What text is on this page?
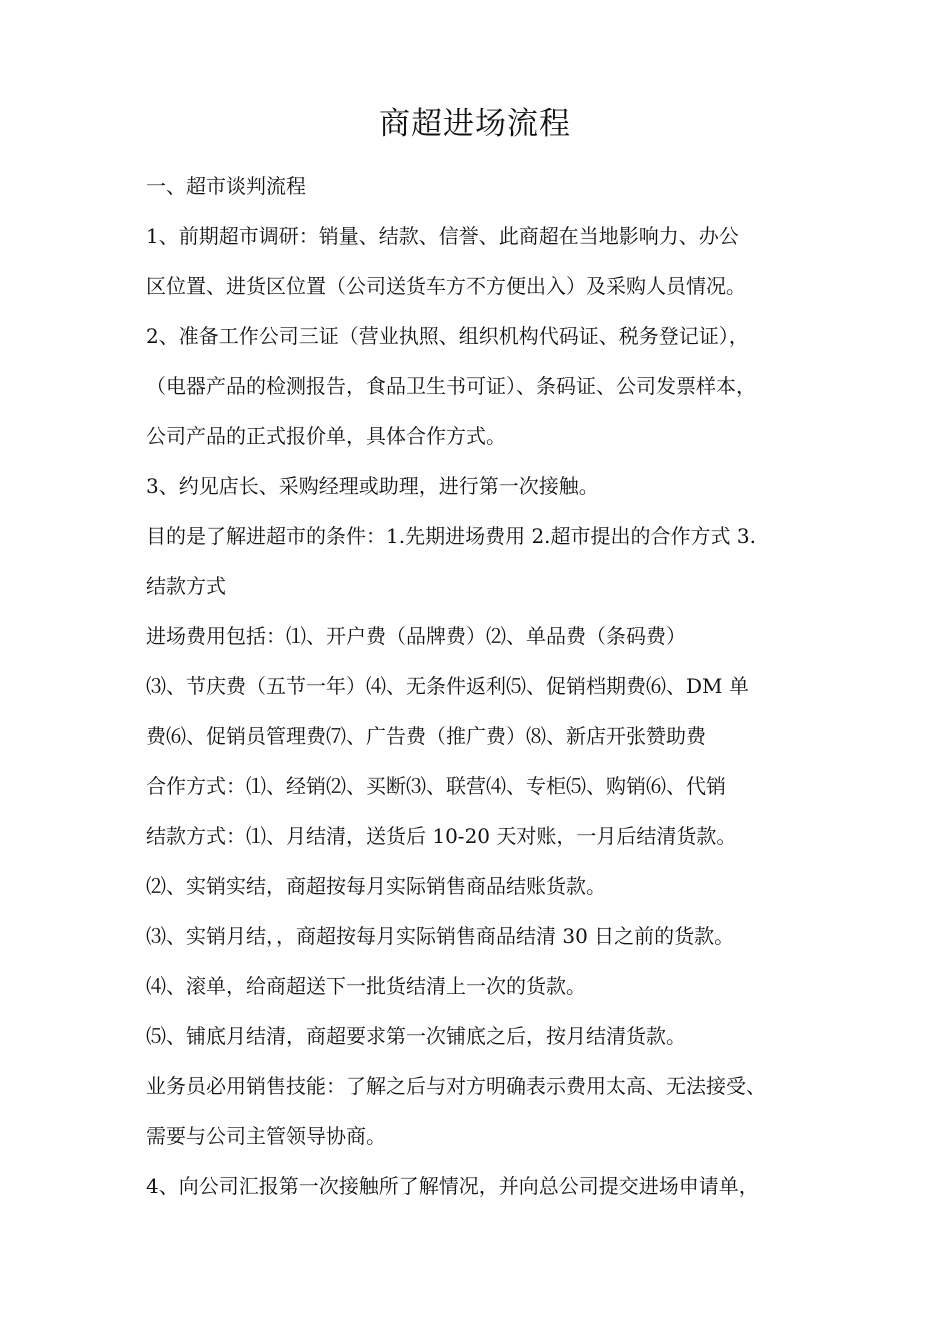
商超进场流程
一、超市谈判流程
1、前期超市调研：销量、结款、信誉、此商超在当地影响力、办公
区位置、进货区位置（公司送货车方不方便出入）及采购人员情况。
2、准备工作公司三证（营业执照、组织机构代码证、税务登记证），
（电器产品的检测报告，食品卫生书可证）、条码证、公司发票样本，
公司产品的正式报价单，具体合作方式。
3、约见店长、采购经理或助理，进行第一次接触。
目的是了解进超市的条件：1.先期进场费用 2.超市提出的合作方式 3.
结款方式
进场费用包括：⑴、开户费（品牌费）⑵、单品费（条码费）
⑶、节庆费（五节一年）⑷、无条件返利⑸、促销档期费⑹、DM 单
费⑹、促销员管理费⑺、广告费（推广费）⑻、新店开张赞助费
合作方式：⑴、经销⑵、买断⑶、联营⑷、专柜⑸、购销⑹、代销
结款方式：⑴、月结清，送货后 10-20 天对账，一月后结清货款。
⑵、实销实结，商超按每月实际销售商品结账货款。
⑶、实销月结，，商超按每月实际销售商品结清 30 日之前的货款。
⑷、滚单，给商超送下一批货结清上一次的货款。
⑸、铺底月结清，商超要求第一次铺底之后，按月结清货款。
业务员必用销售技能：了解之后与对方明确表示费用太高、无法接受、
需要与公司主管领导协商。
4、向公司汇报第一次接触所了解情况，并向总公司提交进场申请单，
